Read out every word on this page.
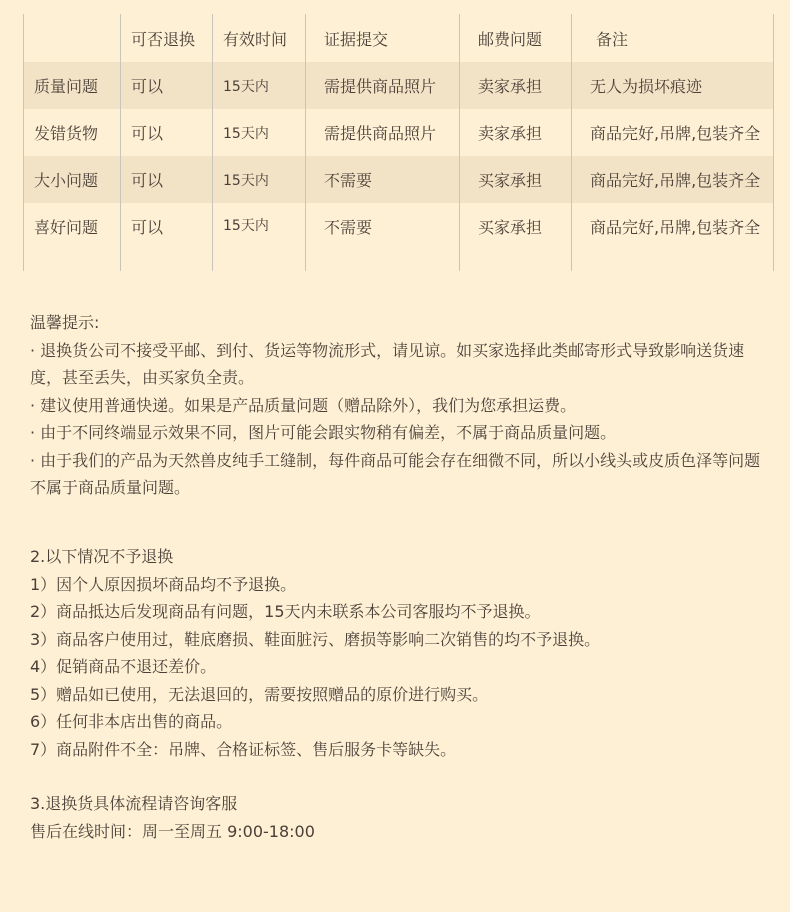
	可否退换	有效时间	证据提交	邮费问题	备注
质量问题	可以	15天内	需提供商品照片	卖家承担	无人为损坏痕迹
发错货物	可以	15天内	需提供商品照片	卖家承担	商品完好,吊牌,包装齐全
大小问题	可以	15天内	不需要	买家承担	商品完好,吊牌,包装齐全
喜好问题	可以	15天内	不需要	买家承担	商品完好,吊牌,包装齐全

温馨提示:

· 退换货公司不接受平邮、到付、货运等物流形式，请见谅。如买家选择此类邮寄形式导致影响送货速度，甚至丢失，由买家负全责。

· 建议使用普通快递。如果是产品质量问题（赠品除外），我们为您承担运费。

· 由于不同终端显示效果不同，图片可能会跟实物稍有偏差，不属于商品质量问题。

· 由于我们的产品为天然兽皮纯手工缝制，每件商品可能会存在细微不同，所以小线头或皮质色泽等问题不属于商品质量问题。

2.以下情况不予退换

1）因个人原因损坏商品均不予退换。

2）商品抵达后发现商品有问题，15天内未联系本公司客服均不予退换。

3）商品客户使用过，鞋底磨损、鞋面脏污、磨损等影响二次销售的均不予退换。

4）促销商品不退还差价。

5）赠品如已使用，无法退回的，需要按照赠品的原价进行购买。

6）任何非本店出售的商品。

7）商品附件不全：吊牌、合格证标签、售后服务卡等缺失。

3.退换货具体流程请咨询客服

售后在线时间：周一至周五 9:00-18:00
